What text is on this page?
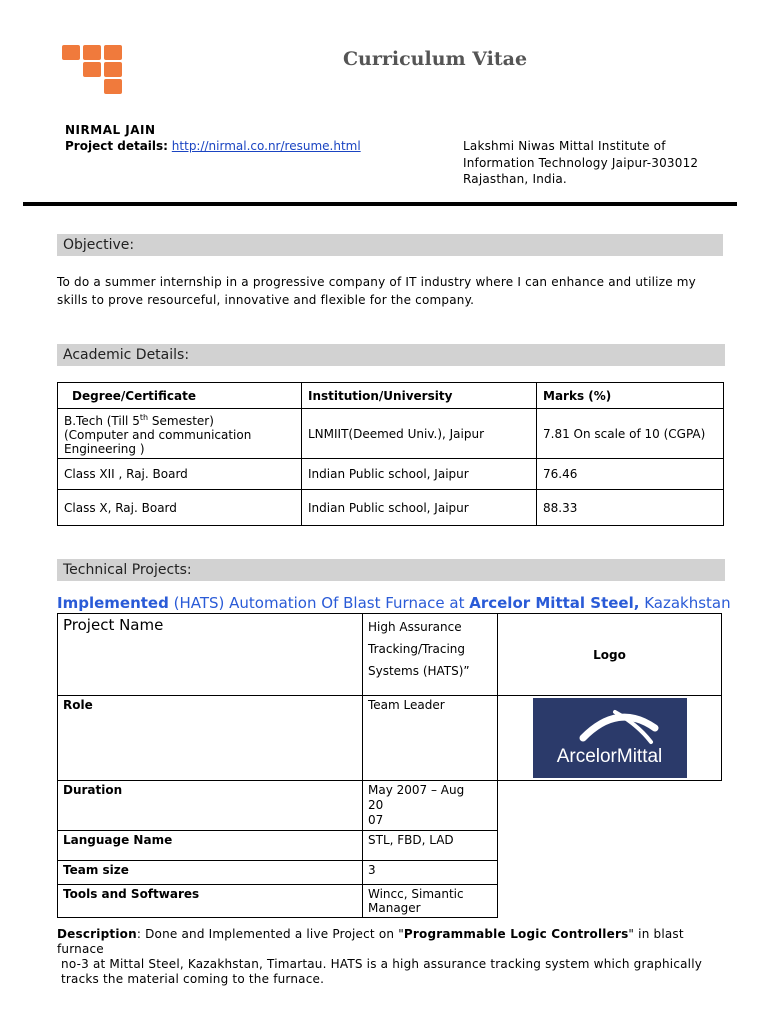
Curriculum Vitae
NIRMAL JAIN
Project details: http://nirmal.co.nr/resume.html	Lakshmi Niwas Mittal Institute of
Information Technology Jaipur-303012
Rajasthan, India.
Objective:
To do a summer internship in a progressive company of IT industry where I can enhance and utilize my skills to prove resourceful, innovative and flexible for the company.
Academic Details:
Degree/Certificate	Institution/University	Marks (%)
B.Tech (Till 5th Semester)
(Computer and communication Engineering )	LNMIIT(Deemed Univ.), Jaipur	7.81 On scale of 10 (CGPA)
Class XII , Raj. Board	Indian Public school, Jaipur	76.46
Class X, Raj. Board	Indian Public school, Jaipur	88.33
Technical Projects:
Implemented (HATS) Automation Of Blast Furnace at Arcelor Mittal Steel, Kazakhstan
Project Name	High Assurance Tracking/Tracing Systems (HATS)”	Logo
Role	Team Leader	ArcelorMittal

Duration	May 2007 – Aug
20
07	

Language Name	STL, FBD, LAD	
Team size	3	
Tools and Softwares	Wincc, Simantic Manager	
Description: Done and Implemented a live Project on "Programmable Logic Controllers" in blast furnace
no-3 at Mittal Steel, Kazakhstan, Timartau. HATS is a high assurance tracking system which graphically
tracks the material coming to the furnace.
